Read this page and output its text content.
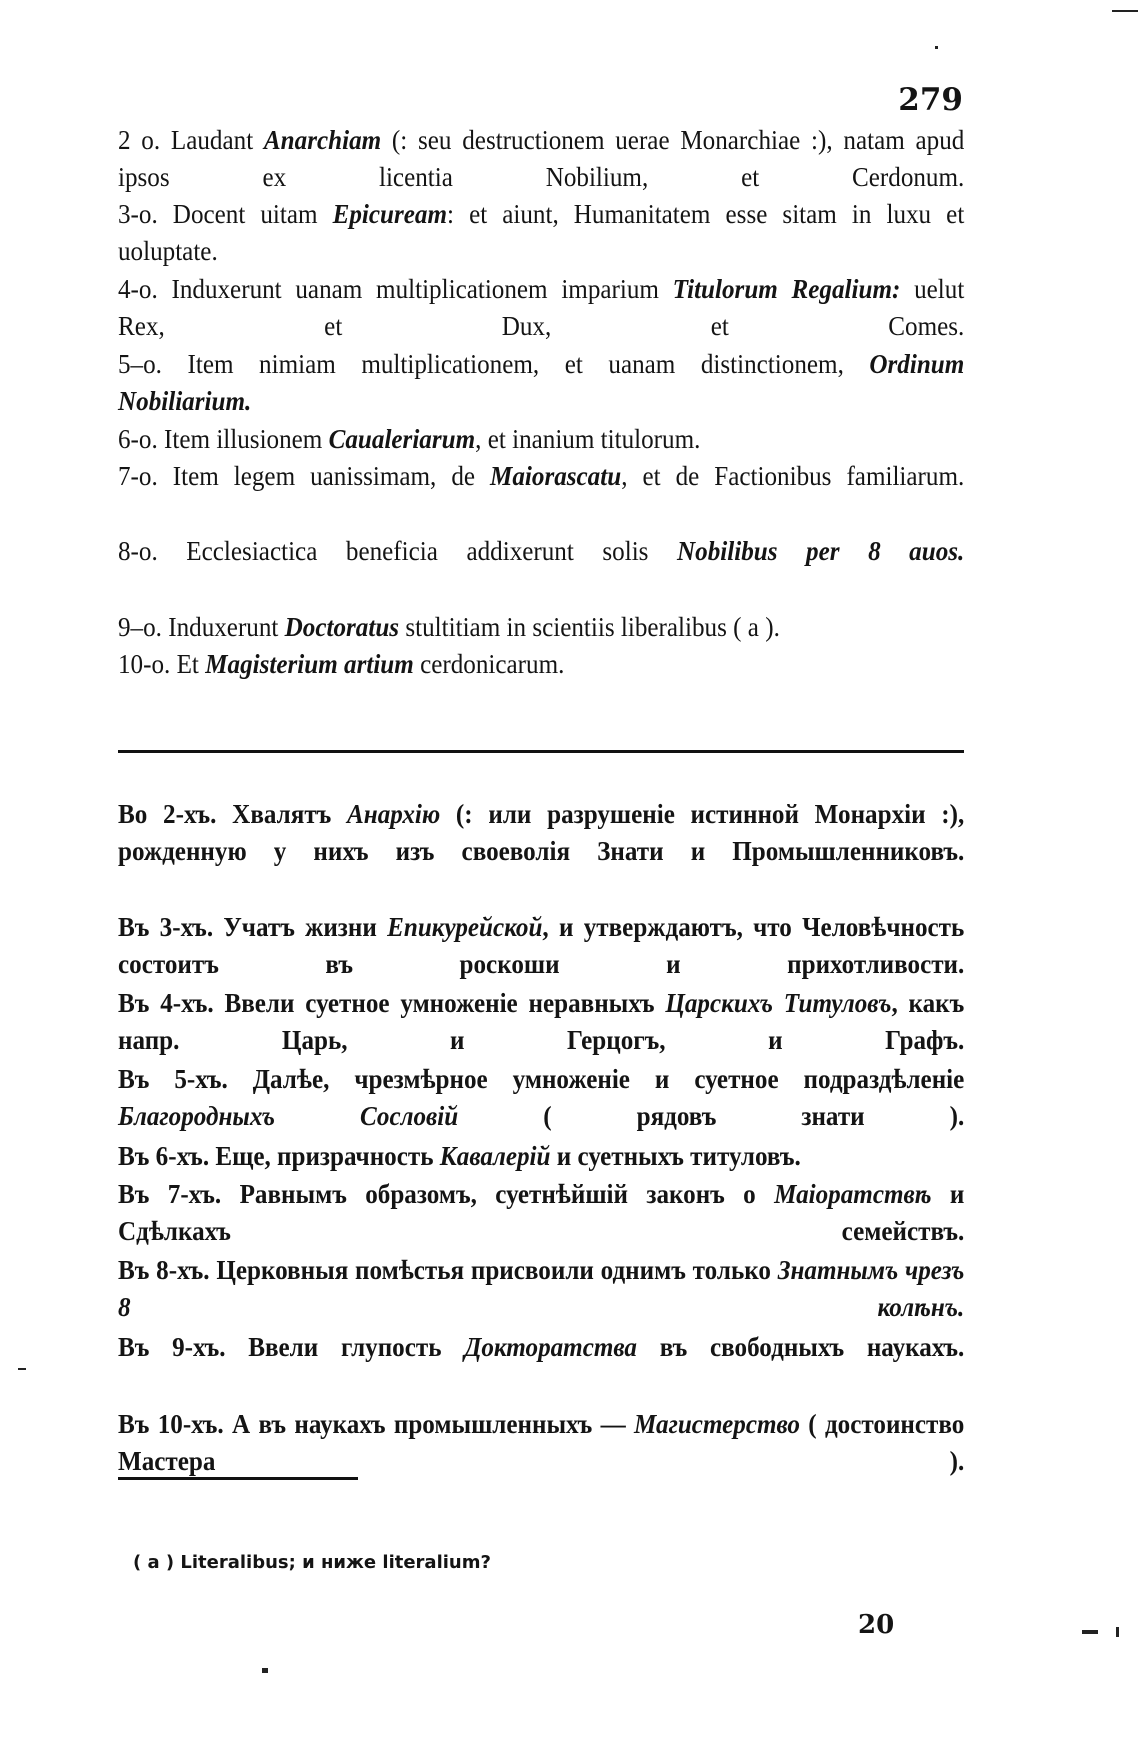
279

2 o. Laudant Anarchiam (: seu destructionem uerae Monarchiae :), natam apud ipsos ex licentia Nobilium, et Cerdonum.

3-o. Docent uitam Epicuream: et aiunt, Humanitatem esse sitam in luxu et uoluptate.

4-o. Induxerunt uanam multiplicationem imparium Titulorum Regalium: uelut Rex, et Dux, et Comes.

5–o. Item nimiam multiplicationem, et uanam distinctionem, Ordinum Nobiliarium.

6-o. Item illusionem Caualeriarum, et inanium titulorum.

7-o. Item legem uanissimam, de Maiorascatu, et de Factionibus familiarum.

8-o. Ecclesiactica beneficia addixerunt solis Nobilibus per 8 auos.

9–o. Induxerunt Doctoratus stultitiam in scientiis liberalibus ( a ).

10-o. Et Magisterium artium cerdonicarum.

Во 2-хъ. Хвалятъ Анархію (: или разрушеніе истинной Монархіи :), рожденную у нихъ изъ своеволія Знати и Промышленниковъ.

Въ 3-хъ. Учатъ жизни Епикурейской, и утверждаютъ, что Человѣчность состоитъ въ роскоши и прихотливости.

Въ 4-хъ. Ввели суетное умноженіе неравныхъ Царскихъ Титуловъ, какъ напр. Царь, и Герцогъ, и Графъ.

Въ 5-хъ. Далѣе, чрезмѣрное умноженіе и суетное подраздѣленіе Благородныхъ Сословій ( рядовъ знати ).

Въ 6-хъ. Еще, призрачность Кавалерій и суетныхъ титуловъ.

Въ 7-хъ. Равнымъ образомъ, суетнѣйшій законъ о Маіоратствѣ и Сдѣлкахъ семействъ.

Въ 8-хъ. Церковныя помѣстья присвоили однимъ только Знатнымъ чрезъ 8 колѣнъ.

Въ 9-хъ. Ввели глупость Докторатства въ свободныхъ наукахъ.

Въ 10-хъ. А въ наукахъ промышленныхъ — Магистерство ( достоинство Мастера ).

( а ) Literalibus; и ниже literalium?
20
